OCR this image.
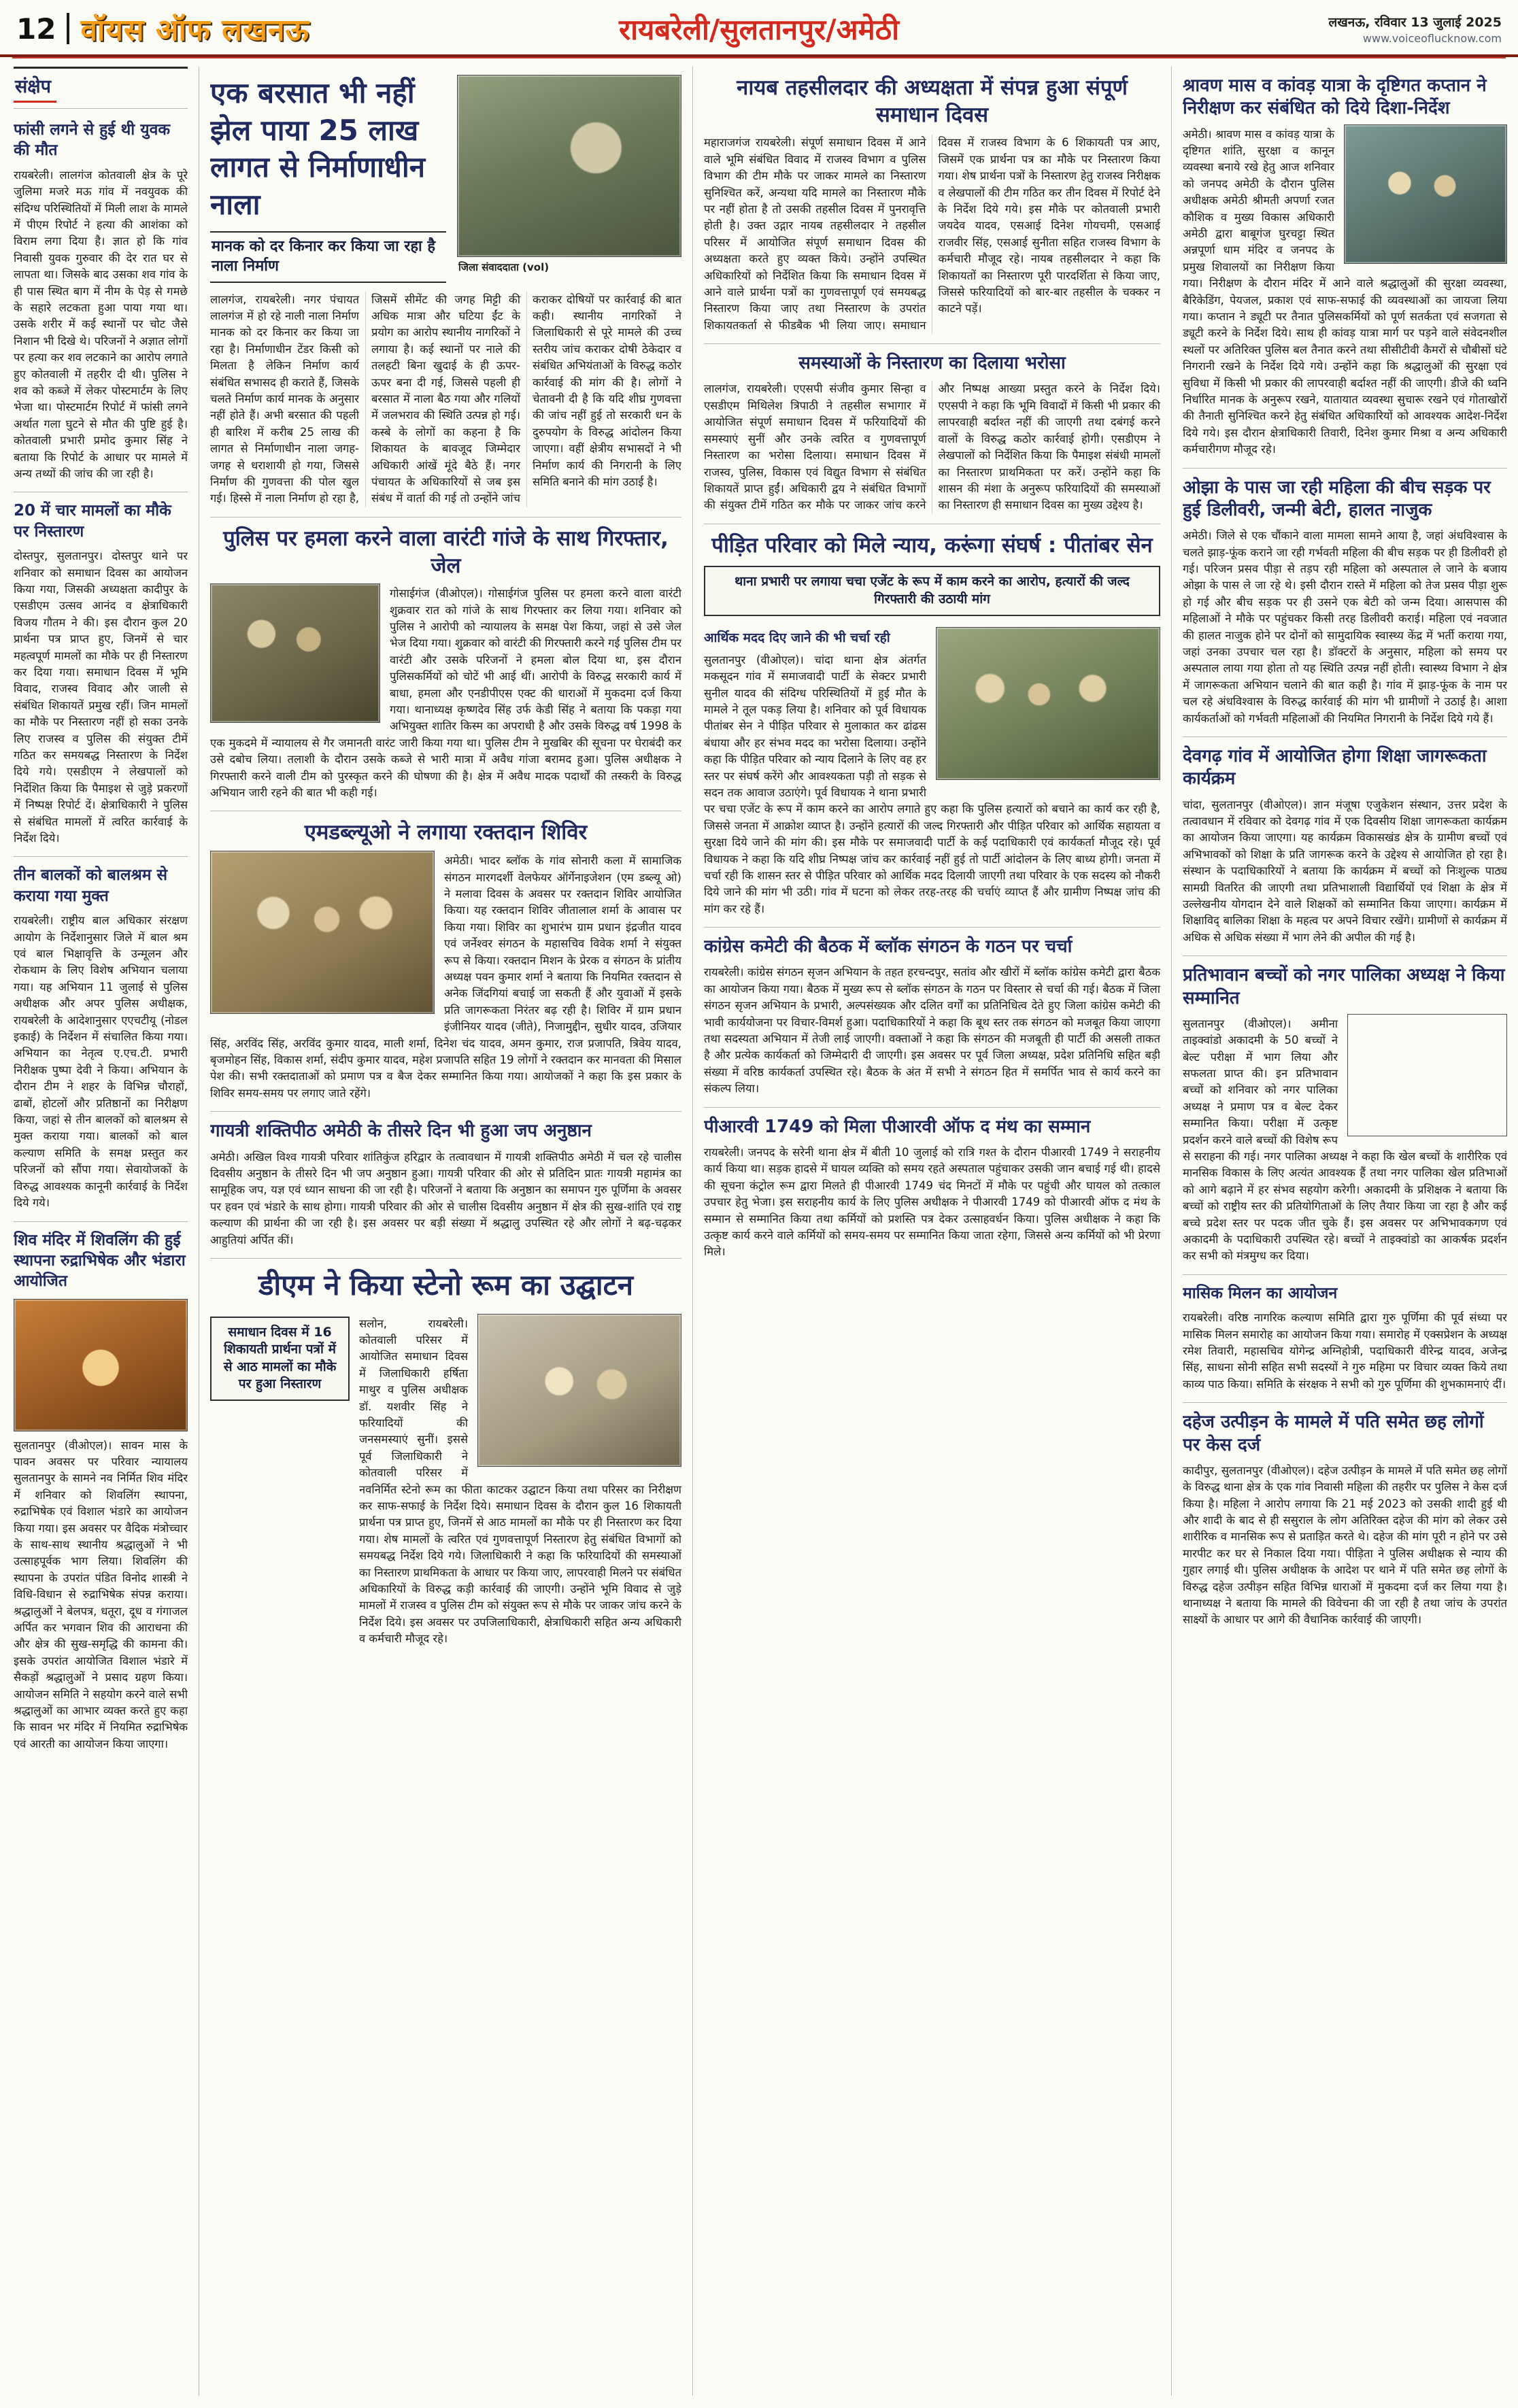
12 वॉयस ऑफ लखनऊ	रायबरेली/सुलतानपुर/अमेठी	लखनऊ, रविवार 13 जुलाई 2025
www.voiceoflucknow.com
संक्षेप
फांसी लगने से हुई थी युवक की मौत

रायबरेली। लालगंज कोतवाली क्षेत्र के पूरे जुलिमा मजरे मऊ गांव में नवयुवक की संदिग्ध परिस्थितियों में मिली लाश के मामले में पीएम रिपोर्ट ने हत्या की आशंका को विराम लगा दिया है। ज्ञात हो कि गांव निवासी युवक गुरुवार की देर रात घर से लापता था। जिसके बाद उसका शव गांव के ही पास स्थित बाग में नीम के पेड़ से गमछे के सहारे लटकता हुआ पाया गया था। उसके शरीर में कई स्थानों पर चोट जैसे निशान भी दिखे थे। परिजनों ने अज्ञात लोगों पर हत्या कर शव लटकाने का आरोप लगाते हुए कोतवाली में तहरीर दी थी। पुलिस ने शव को कब्जे में लेकर पोस्टमार्टम के लिए भेजा था। पोस्टमार्टम रिपोर्ट में फांसी लगने अर्थात गला घुटने से मौत की पुष्टि हुई है। कोतवाली प्रभारी प्रमोद कुमार सिंह ने बताया कि रिपोर्ट के आधार पर मामले में अन्य तथ्यों की जांच की जा रही है।

20 में चार मामलों का मौके पर निस्तारण

दोस्तपुर, सुलतानपुर। दोस्तपुर थाने पर शनिवार को समाधान दिवस का आयोजन किया गया, जिसकी अध्यक्षता कादीपुर के एसडीएम उत्सव आनंद व क्षेत्राधिकारी विजय गौतम ने की। इस दौरान कुल 20 प्रार्थना पत्र प्राप्त हुए, जिनमें से चार महत्वपूर्ण मामलों का मौके पर ही निस्तारण कर दिया गया। समाधान दिवस में भूमि विवाद, राजस्व विवाद और जाली से संबंधित शिकायतें प्रमुख रहीं। जिन मामलों का मौके पर निस्तारण नहीं हो सका उनके लिए राजस्व व पुलिस की संयुक्त टीमें गठित कर समयबद्ध निस्तारण के निर्देश दिये गये। एसडीएम ने लेखपालों को निर्देशित किया कि पैमाइश से जुड़े प्रकरणों में निष्पक्ष रिपोर्ट दें। क्षेत्राधिकारी ने पुलिस से संबंधित मामलों में त्वरित कार्रवाई के निर्देश दिये।

तीन बालकों को बालश्रम से कराया गया मुक्त

रायबरेली। राष्ट्रीय बाल अधिकार संरक्षण आयोग के निर्देशानुसार जिले में बाल श्रम एवं बाल भिक्षावृत्ति के उन्मूलन और रोकथाम के लिए विशेष अभियान चलाया गया। यह अभियान 11 जुलाई से पुलिस अधीक्षक और अपर पुलिस अधीक्षक, रायबरेली के आदेशानुसार एएचटीयू (नोडल इकाई) के निर्देशन में संचालित किया गया। अभियान का नेतृत्व ए.एच.टी. प्रभारी निरीक्षक पुष्पा देवी ने किया। अभियान के दौरान टीम ने शहर के विभिन्न चौराहों, ढाबों, होटलों और प्रतिष्ठानों का निरीक्षण किया, जहां से तीन बालकों को बालश्रम से मुक्त कराया गया। बालकों को बाल कल्याण समिति के समक्ष प्रस्तुत कर परिजनों को सौंपा गया। सेवायोजकों के विरुद्ध आवश्यक कानूनी कार्रवाई के निर्देश दिये गये।

शिव मंदिर में शिवलिंग की हुई स्थापना रुद्राभिषेक और भंडारा आयोजित

सुलतानपुर (वीओएल)। सावन मास के पावन अवसर पर परिवार न्यायालय सुलतानपुर के सामने नव निर्मित शिव मंदिर में शनिवार को शिवलिंग स्थापना, रुद्राभिषेक एवं विशाल भंडारे का आयोजन किया गया। इस अवसर पर वैदिक मंत्रोच्चार के साथ-साथ स्थानीय श्रद्धालुओं ने भी उत्साहपूर्वक भाग लिया। शिवलिंग की स्थापना के उपरांत पंडित विनोद शास्त्री ने विधि-विधान से रुद्राभिषेक संपन्न कराया। श्रद्धालुओं ने बेलपत्र, धतूरा, दूध व गंगाजल अर्पित कर भगवान शिव की आराधना की और क्षेत्र की सुख-समृद्धि की कामना की। इसके उपरांत आयोजित विशाल भंडारे में सैकड़ों श्रद्धालुओं ने प्रसाद ग्रहण किया। आयोजन समिति ने सहयोग करने वाले सभी श्रद्धालुओं का आभार व्यक्त करते हुए कहा कि सावन भर मंदिर में नियमित रुद्राभिषेक एवं आरती का आयोजन किया जाएगा।

एक बरसात भी नहीं झेल पाया 25 लाख लागत से निर्माणाधीन नाला
मानक को दर किनार कर किया जा रहा है नाला निर्माण	जिला संवाददाता (vol)

लालगंज, रायबरेली। नगर पंचायत लालगंज में हो रहे नाली नाला निर्माण मानक को दर किनार कर किया जा रहा है। निर्माणाधीन टेंडर किसी को मिलता है लेकिन निर्माण कार्य संबंधित सभासद ही कराते हैं, जिसके चलते निर्माण कार्य मानक के अनुसार नहीं होते हैं। अभी बरसात की पहली ही बारिश में करीब 25 लाख की लागत से निर्माणाधीन नाला जगह-जगह से धराशायी हो गया, जिससे निर्माण की गुणवत्ता की पोल खुल गई। हिस्से में नाला निर्माण हो रहा है, जिसमें सीमेंट की जगह मिट्टी की अधिक मात्रा और घटिया ईंट के प्रयोग का आरोप स्थानीय नागरिकों ने लगाया है। कई स्थानों पर नाले की तलहटी बिना खुदाई के ही ऊपर-ऊपर बना दी गई, जिससे पहली ही बरसात में नाला बैठ गया और गलियों में जलभराव की स्थिति उत्पन्न हो गई। कस्बे के लोगों का कहना है कि शिकायत के बावजूद जिम्मेदार अधिकारी आंखें मूंदे बैठे हैं। नगर पंचायत के अधिकारियों से जब इस संबंध में वार्ता की गई तो उन्होंने जांच कराकर दोषियों पर कार्रवाई की बात कही। स्थानीय नागरिकों ने जिलाधिकारी से पूरे मामले की उच्च स्तरीय जांच कराकर दोषी ठेकेदार व संबंधित अभियंताओं के विरुद्ध कठोर कार्रवाई की मांग की है। लोगों ने चेतावनी दी है कि यदि शीघ्र गुणवत्ता की जांच नहीं हुई तो सरकारी धन के दुरुपयोग के विरुद्ध आंदोलन किया जाएगा। वहीं क्षेत्रीय सभासदों ने भी निर्माण कार्य की निगरानी के लिए समिति बनाने की मांग उठाई है।

पुलिस पर हमला करने वाला वारंटी गांजे के साथ गिरफ्तार, जेल

गोसाईगंज (वीओएल)। गोसाईगंज पुलिस पर हमला करने वाला वारंटी शुक्रवार रात को गांजे के साथ गिरफ्तार कर लिया गया। शनिवार को पुलिस ने आरोपी को न्यायालय के समक्ष पेश किया, जहां से उसे जेल भेज दिया गया। शुक्रवार को वारंटी की गिरफ्तारी करने गई पुलिस टीम पर वारंटी और उसके परिजनों ने हमला बोल दिया था, इस दौरान पुलिसकर्मियों को चोटें भी आई थीं। आरोपी के विरुद्ध सरकारी कार्य में बाधा, हमला और एनडीपीएस एक्ट की धाराओं में मुकदमा दर्ज किया गया। थानाध्यक्ष कृष्णदेव सिंह उर्फ केडी सिंह ने बताया कि पकड़ा गया अभियुक्त शातिर किस्म का अपराधी है और उसके विरुद्ध वर्ष 1998 के एक मुकदमे में न्यायालय से गैर जमानती वारंट जारी किया गया था। पुलिस टीम ने मुखबिर की सूचना पर घेराबंदी कर उसे दबोच लिया। तलाशी के दौरान उसके कब्जे से भारी मात्रा में अवैध गांजा बरामद हुआ। पुलिस अधीक्षक ने गिरफ्तारी करने वाली टीम को पुरस्कृत करने की घोषणा की है। क्षेत्र में अवैध मादक पदार्थों की तस्करी के विरुद्ध अभियान जारी रहने की बात भी कही गई।

एमडब्ल्यूओ ने लगाया रक्तदान शिविर

अमेठी। भादर ब्लॉक के गांव सोनारी कला में सामाजिक संगठन मारगदर्शी वेलफेयर ऑर्गेनाइजेशन (एम डब्ल्यू ओ) ने मलावा दिवस के अवसर पर रक्तदान शिविर आयोजित किया। यह रक्तदान शिविर जीतालाल शर्मा के आवास पर किया गया। शिविर का शुभारंभ ग्राम प्रधान इंद्रजीत यादव एवं जर्नेश्वर संगठन के महासचिव विवेक शर्मा ने संयुक्त रूप से किया। रक्तदान मिशन के प्रेरक व संगठन के प्रांतीय अध्यक्ष पवन कुमार शर्मा ने बताया कि नियमित रक्तदान से अनेक जिंदगियां बचाई जा सकती हैं और युवाओं में इसके प्रति जागरूकता निरंतर बढ़ रही है। शिविर में ग्राम प्रधान इंजीनियर यादव (जीते), निजामुद्दीन, सुधीर यादव, उजियार सिंह, अरविंद सिंह, अरविंद कुमार यादव, माली शर्मा, दिनेश चंद यादव, अमन कुमार, राज प्रजापति, त्रिवेय यादव, बृजमोहन सिंह, विकास शर्मा, संदीप कुमार यादव, महेश प्रजापति सहित 19 लोगों ने रक्तदान कर मानवता की मिसाल पेश की। सभी रक्तदाताओं को प्रमाण पत्र व बैज देकर सम्मानित किया गया। आयोजकों ने कहा कि इस प्रकार के शिविर समय-समय पर लगाए जाते रहेंगे।

गायत्री शक्तिपीठ अमेठी के तीसरे दिन भी हुआ जप अनुष्ठान

अमेठी। अखिल विश्व गायत्री परिवार शांतिकुंज हरिद्वार के तत्वावधान में गायत्री शक्तिपीठ अमेठी में चल रहे चालीस दिवसीय अनुष्ठान के तीसरे दिन भी जप अनुष्ठान हुआ। गायत्री परिवार की ओर से प्रतिदिन प्रातः गायत्री महामंत्र का सामूहिक जप, यज्ञ एवं ध्यान साधना की जा रही है। परिजनों ने बताया कि अनुष्ठान का समापन गुरु पूर्णिमा के अवसर पर हवन एवं भंडारे के साथ होगा। गायत्री परिवार की ओर से चालीस दिवसीय अनुष्ठान में क्षेत्र की सुख-शांति एवं राष्ट्र कल्याण की प्रार्थना की जा रही है। इस अवसर पर बड़ी संख्या में श्रद्धालु उपस्थित रहे और लोगों ने बढ़-चढ़कर आहुतियां अर्पित कीं।

डीएम ने किया स्टेनो रूम का उद्घाटन
समाधान दिवस में 16 शिकायती प्रार्थना पत्रों में से आठ मामलों का मौके पर हुआ निस्तारण

सलोन, रायबरेली। कोतवाली परिसर में आयोजित समाधान दिवस में जिलाधिकारी हर्षिता माथुर व पुलिस अधीक्षक डॉ. यशवीर सिंह ने फरियादियों की जनसमस्याएं सुनीं। इससे पूर्व जिलाधिकारी ने कोतवाली परिसर में नवनिर्मित स्टेनो रूम का फीता काटकर उद्घाटन किया तथा परिसर का निरीक्षण कर साफ-सफाई के निर्देश दिये। समाधान दिवस के दौरान कुल 16 शिकायती प्रार्थना पत्र प्राप्त हुए, जिनमें से आठ मामलों का मौके पर ही निस्तारण कर दिया गया। शेष मामलों के त्वरित एवं गुणवत्तापूर्ण निस्तारण हेतु संबंधित विभागों को समयबद्ध निर्देश दिये गये। जिलाधिकारी ने कहा कि फरियादियों की समस्याओं का निस्तारण प्राथमिकता के आधार पर किया जाए, लापरवाही मिलने पर संबंधित अधिकारियों के विरुद्ध कड़ी कार्रवाई की जाएगी। उन्होंने भूमि विवाद से जुड़े मामलों में राजस्व व पुलिस टीम को संयुक्त रूप से मौके पर जाकर जांच करने के निर्देश दिये। इस अवसर पर उपजिलाधिकारी, क्षेत्राधिकारी सहित अन्य अधिकारी व कर्मचारी मौजूद रहे।

नायब तहसीलदार की अध्यक्षता में संपन्न हुआ संपूर्ण समाधान दिवस

महाराजगंज रायबरेली। संपूर्ण समाधान दिवस में आने वाले भूमि संबंधित विवाद में राजस्व विभाग व पुलिस विभाग की टीम मौके पर जाकर मामले का निस्तारण सुनिश्चित करें, अन्यथा यदि मामले का निस्तारण मौके पर नहीं होता है तो उसकी तहसील दिवस में पुनरावृत्ति होती है। उक्त उद्गार नायब तहसीलदार ने तहसील परिसर में आयोजित संपूर्ण समाधान दिवस की अध्यक्षता करते हुए व्यक्त किये। उन्होंने उपस्थित अधिकारियों को निर्देशित किया कि समाधान दिवस में आने वाले प्रार्थना पत्रों का गुणवत्तापूर्ण एवं समयबद्ध निस्तारण किया जाए तथा निस्तारण के उपरांत शिकायतकर्ता से फीडबैक भी लिया जाए। समाधान दिवस में राजस्व विभाग के 6 शिकायती पत्र आए, जिसमें एक प्रार्थना पत्र का मौके पर निस्तारण किया गया। शेष प्रार्थना पत्रों के निस्तारण हेतु राजस्व निरीक्षक व लेखपालों की टीम गठित कर तीन दिवस में रिपोर्ट देने के निर्देश दिये गये। इस मौके पर कोतवाली प्रभारी जयदेव यादव, एसआई दिनेश गोयचमी, एसआई राजवीर सिंह, एसआई सुनीता सहित राजस्व विभाग के कर्मचारी मौजूद रहे। नायब तहसीलदार ने कहा कि शिकायतों का निस्तारण पूरी पारदर्शिता से किया जाए, जिससे फरियादियों को बार-बार तहसील के चक्कर न काटने पड़ें।

समस्याओं के निस्तारण का दिलाया भरोसा

लालगंज, रायबरेली। एएसपी संजीव कुमार सिन्हा व एसडीएम मिथिलेश त्रिपाठी ने तहसील सभागार में आयोजित संपूर्ण समाधान दिवस में फरियादियों की समस्याएं सुनीं और उनके त्वरित व गुणवत्तापूर्ण निस्तारण का भरोसा दिलाया। समाधान दिवस में राजस्व, पुलिस, विकास एवं विद्युत विभाग से संबंधित शिकायतें प्राप्त हुईं। अधिकारी द्वय ने संबंधित विभागों की संयुक्त टीमें गठित कर मौके पर जाकर जांच करने और निष्पक्ष आख्या प्रस्तुत करने के निर्देश दिये। एएसपी ने कहा कि भूमि विवादों में किसी भी प्रकार की लापरवाही बर्दाश्त नहीं की जाएगी तथा दबंगई करने वालों के विरुद्ध कठोर कार्रवाई होगी। एसडीएम ने लेखपालों को निर्देशित किया कि पैमाइश संबंधी मामलों का निस्तारण प्राथमिकता पर करें। उन्होंने कहा कि शासन की मंशा के अनुरूप फरियादियों की समस्याओं का निस्तारण ही समाधान दिवस का मुख्य उद्देश्य है।

पीड़ित परिवार को मिले न्याय, करूंगा संघर्ष : पीतांबर सेन
थाना प्रभारी पर लगाया चचा एजेंट के रूप में काम करने का आरोप, हत्यारों की जल्द गिरफ्तारी की उठायी मांग
आर्थिक मदद दिए जाने की भी चर्चा रही

सुलतानपुर (वीओएल)। चांदा थाना क्षेत्र अंतर्गत मकसूदन गांव में समाजवादी पार्टी के सेक्टर प्रभारी सुनील यादव की संदिग्ध परिस्थितियों में हुई मौत के मामले ने तूल पकड़ लिया है। शनिवार को पूर्व विधायक पीतांबर सेन ने पीड़ित परिवार से मुलाकात कर ढांढस बंधाया और हर संभव मदद का भरोसा दिलाया। उन्होंने कहा कि पीड़ित परिवार को न्याय दिलाने के लिए वह हर स्तर पर संघर्ष करेंगे और आवश्यकता पड़ी तो सड़क से सदन तक आवाज उठाएंगे। पूर्व विधायक ने थाना प्रभारी पर चचा एजेंट के रूप में काम करने का आरोप लगाते हुए कहा कि पुलिस हत्यारों को बचाने का कार्य कर रही है, जिससे जनता में आक्रोश व्याप्त है। उन्होंने हत्यारों की जल्द गिरफ्तारी और पीड़ित परिवार को आर्थिक सहायता व सुरक्षा दिये जाने की मांग की। इस मौके पर समाजवादी पार्टी के कई पदाधिकारी एवं कार्यकर्ता मौजूद रहे। पूर्व विधायक ने कहा कि यदि शीघ्र निष्पक्ष जांच कर कार्रवाई नहीं हुई तो पार्टी आंदोलन के लिए बाध्य होगी। जनता में चर्चा रही कि शासन स्तर से पीड़ित परिवार को आर्थिक मदद दिलायी जाएगी तथा परिवार के एक सदस्य को नौकरी दिये जाने की मांग भी उठी। गांव में घटना को लेकर तरह-तरह की चर्चाएं व्याप्त हैं और ग्रामीण निष्पक्ष जांच की मांग कर रहे हैं।

कांग्रेस कमेटी की बैठक में ब्लॉक संगठन के गठन पर चर्चा

रायबरेली। कांग्रेस संगठन सृजन अभियान के तहत हरचन्दपुर, सतांव और खीरों में ब्लॉक कांग्रेस कमेटी द्वारा बैठक का आयोजन किया गया। बैठक में मुख्य रूप से ब्लॉक संगठन के गठन पर विस्तार से चर्चा की गई। बैठक में जिला संगठन सृजन अभियान के प्रभारी, अल्पसंख्यक और दलित वर्गों का प्रतिनिधित्व देते हुए जिला कांग्रेस कमेटी की भावी कार्ययोजना पर विचार-विमर्श हुआ। पदाधिकारियों ने कहा कि बूथ स्तर तक संगठन को मजबूत किया जाएगा तथा सदस्यता अभियान में तेजी लाई जाएगी। वक्ताओं ने कहा कि संगठन की मजबूती ही पार्टी की असली ताकत है और प्रत्येक कार्यकर्ता को जिम्मेदारी दी जाएगी। इस अवसर पर पूर्व जिला अध्यक्ष, प्रदेश प्रतिनिधि सहित बड़ी संख्या में वरिष्ठ कार्यकर्ता उपस्थित रहे। बैठक के अंत में सभी ने संगठन हित में समर्पित भाव से कार्य करने का संकल्प लिया।

पीआरवी 1749 को मिला पीआरवी ऑफ द मंथ का सम्मान

रायबरेली। जनपद के सरेनी थाना क्षेत्र में बीती 10 जुलाई को रात्रि गश्त के दौरान पीआरवी 1749 ने सराहनीय कार्य किया था। सड़क हादसे में घायल व्यक्ति को समय रहते अस्पताल पहुंचाकर उसकी जान बचाई गई थी। हादसे की सूचना कंट्रोल रूम द्वारा मिलते ही पीआरवी 1749 चंद मिनटों में मौके पर पहुंची और घायल को तत्काल उपचार हेतु भेजा। इस सराहनीय कार्य के लिए पुलिस अधीक्षक ने पीआरवी 1749 को पीआरवी ऑफ द मंथ के सम्मान से सम्मानित किया तथा कर्मियों को प्रशस्ति पत्र देकर उत्साहवर्धन किया। पुलिस अधीक्षक ने कहा कि उत्कृष्ट कार्य करने वाले कर्मियों को समय-समय पर सम्मानित किया जाता रहेगा, जिससे अन्य कर्मियों को भी प्रेरणा मिले।

श्रावण मास व कांवड़ यात्रा के दृष्टिगत कप्तान ने निरीक्षण कर संबंधित को दिये दिशा-निर्देश

अमेठी। श्रावण मास व कांवड़ यात्रा के दृष्टिगत शांति, सुरक्षा व कानून व्यवस्था बनाये रखे हेतु आज शनिवार को जनपद अमेठी के दौरान पुलिस अधीक्षक अमेठी श्रीमती अपर्णा रजत कौशिक व मुख्य विकास अधिकारी अमेठी द्वारा बाबूगंज घुरचट्टा स्थित अन्नपूर्णा धाम मंदिर व जनपद के प्रमुख शिवालयों का निरीक्षण किया गया। निरीक्षण के दौरान मंदिर में आने वाले श्रद्धालुओं की सुरक्षा व्यवस्था, बैरिकेडिंग, पेयजल, प्रकाश एवं साफ-सफाई की व्यवस्थाओं का जायजा लिया गया। कप्तान ने ड्यूटी पर तैनात पुलिसकर्मियों को पूर्ण सतर्कता एवं सजगता से ड्यूटी करने के निर्देश दिये। साथ ही कांवड़ यात्रा मार्ग पर पड़ने वाले संवेदनशील स्थलों पर अतिरिक्त पुलिस बल तैनात करने तथा सीसीटीवी कैमरों से चौबीसों घंटे निगरानी रखने के निर्देश दिये गये। उन्होंने कहा कि श्रद्धालुओं की सुरक्षा एवं सुविधा में किसी भी प्रकार की लापरवाही बर्दाश्त नहीं की जाएगी। डीजे की ध्वनि निर्धारित मानक के अनुरूप रखने, यातायात व्यवस्था सुचारू रखने एवं गोताखोरों की तैनाती सुनिश्चित करने हेतु संबंधित अधिकारियों को आवश्यक आदेश-निर्देश दिये गये। इस दौरान क्षेत्राधिकारी तिवारी, दिनेश कुमार मिश्रा व अन्य अधिकारी कर्मचारीगण मौजूद रहे।

ओझा के पास जा रही महिला की बीच सड़क पर हुई डिलीवरी, जन्मी बेटी, हालत नाजुक

अमेठी। जिले से एक चौंकाने वाला मामला सामने आया है, जहां अंधविश्वास के चलते झाड़-फूंक कराने जा रही गर्भवती महिला की बीच सड़क पर ही डिलीवरी हो गई। परिजन प्रसव पीड़ा से तड़प रही महिला को अस्पताल ले जाने के बजाय ओझा के पास ले जा रहे थे। इसी दौरान रास्ते में महिला को तेज प्रसव पीड़ा शुरू हो गई और बीच सड़क पर ही उसने एक बेटी को जन्म दिया। आसपास की महिलाओं ने मौके पर पहुंचकर किसी तरह डिलीवरी कराई। महिला एवं नवजात की हालत नाजुक होने पर दोनों को सामुदायिक स्वास्थ्य केंद्र में भर्ती कराया गया, जहां उनका उपचार चल रहा है। डॉक्टरों के अनुसार, महिला को समय पर अस्पताल लाया गया होता तो यह स्थिति उत्पन्न नहीं होती। स्वास्थ्य विभाग ने क्षेत्र में जागरूकता अभियान चलाने की बात कही है। गांव में झाड़-फूंक के नाम पर चल रहे अंधविश्वास के विरुद्ध कार्रवाई की मांग भी ग्रामीणों ने उठाई है। आशा कार्यकर्ताओं को गर्भवती महिलाओं की नियमित निगरानी के निर्देश दिये गये हैं।

देवगढ़ गांव में आयोजित होगा शिक्षा जागरूकता कार्यक्रम

चांदा, सुलतानपुर (वीओएल)। ज्ञान मंजूषा एजुकेशन संस्थान, उत्तर प्रदेश के तत्वावधान में रविवार को देवगढ़ गांव में एक दिवसीय शिक्षा जागरूकता कार्यक्रम का आयोजन किया जाएगा। यह कार्यक्रम विकासखंड क्षेत्र के ग्रामीण बच्चों एवं अभिभावकों को शिक्षा के प्रति जागरूक करने के उद्देश्य से आयोजित हो रहा है। संस्थान के पदाधिकारियों ने बताया कि कार्यक्रम में बच्चों को निःशुल्क पाठ्य सामग्री वितरित की जाएगी तथा प्रतिभाशाली विद्यार्थियों एवं शिक्षा के क्षेत्र में उल्लेखनीय योगदान देने वाले शिक्षकों को सम्मानित किया जाएगा। कार्यक्रम में शिक्षाविद् बालिका शिक्षा के महत्व पर अपने विचार रखेंगे। ग्रामीणों से कार्यक्रम में अधिक से अधिक संख्या में भाग लेने की अपील की गई है।

प्रतिभावान बच्चों को नगर पालिका अध्यक्ष ने किया सम्मानित

सुलतानपुर (वीओएल)। अमीना ताइक्वांडो अकादमी के 50 बच्चों ने बेल्ट परीक्षा में भाग लिया और सफलता प्राप्त की। इन प्रतिभावान बच्चों को शनिवार को नगर पालिका अध्यक्ष ने प्रमाण पत्र व बेल्ट देकर सम्मानित किया। परीक्षा में उत्कृष्ट प्रदर्शन करने वाले बच्चों की विशेष रूप से सराहना की गई। नगर पालिका अध्यक्ष ने कहा कि खेल बच्चों के शारीरिक एवं मानसिक विकास के लिए अत्यंत आवश्यक हैं तथा नगर पालिका खेल प्रतिभाओं को आगे बढ़ाने में हर संभव सहयोग करेगी। अकादमी के प्रशिक्षक ने बताया कि बच्चों को राष्ट्रीय स्तर की प्रतियोगिताओं के लिए तैयार किया जा रहा है और कई बच्चे प्रदेश स्तर पर पदक जीत चुके हैं। इस अवसर पर अभिभावकगण एवं अकादमी के पदाधिकारी उपस्थित रहे। बच्चों ने ताइक्वांडो का आकर्षक प्रदर्शन कर सभी को मंत्रमुग्ध कर दिया।

मासिक मिलन का आयोजन

रायबरेली। वरिष्ठ नागरिक कल्याण समिति द्वारा गुरु पूर्णिमा की पूर्व संध्या पर मासिक मिलन समारोह का आयोजन किया गया। समारोह में एक्सप्रेशन के अध्यक्ष रमेश तिवारी, महासचिव योगेन्द्र अग्निहोत्री, पदाधिकारी वीरेन्द्र यादव, अजेन्द्र सिंह, साधना सोनी सहित सभी सदस्यों ने गुरु महिमा पर विचार व्यक्त किये तथा काव्य पाठ किया। समिति के संरक्षक ने सभी को गुरु पूर्णिमा की शुभकामनाएं दीं।

दहेज उत्पीड़न के मामले में पति समेत छह लोगों पर केस दर्ज

कादीपुर, सुलतानपुर (वीओएल)। दहेज उत्पीड़न के मामले में पति समेत छह लोगों के विरुद्ध थाना क्षेत्र के एक गांव निवासी महिला की तहरीर पर पुलिस ने केस दर्ज किया है। महिला ने आरोप लगाया कि 21 मई 2023 को उसकी शादी हुई थी और शादी के बाद से ही ससुराल के लोग अतिरिक्त दहेज की मांग को लेकर उसे शारीरिक व मानसिक रूप से प्रताड़ित करते थे। दहेज की मांग पूरी न होने पर उसे मारपीट कर घर से निकाल दिया गया। पीड़िता ने पुलिस अधीक्षक से न्याय की गुहार लगाई थी। पुलिस अधीक्षक के आदेश पर थाने में पति समेत छह लोगों के विरुद्ध दहेज उत्पीड़न सहित विभिन्न धाराओं में मुकदमा दर्ज कर लिया गया है। थानाध्यक्ष ने बताया कि मामले की विवेचना की जा रही है तथा जांच के उपरांत साक्ष्यों के आधार पर आगे की वैधानिक कार्रवाई की जाएगी।
